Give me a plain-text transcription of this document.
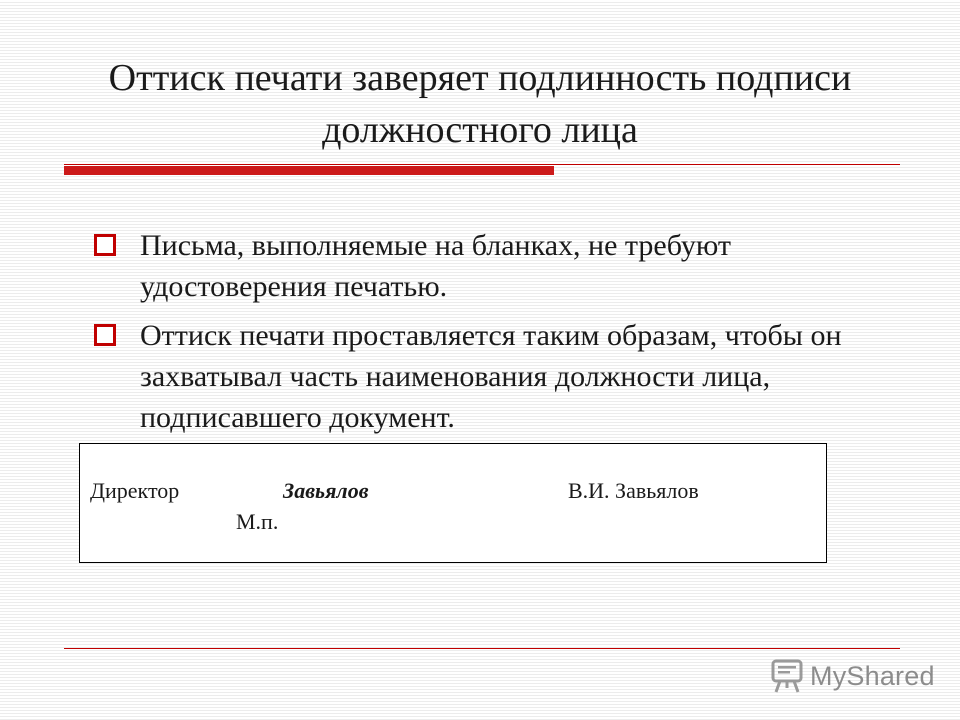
Оттиск печати заверяет подлинность подписи должностного лица
Письма, выполняемые на бланках, не требуют удостоверения печатью.
Оттиск печати проставляется таким образам, чтобы он захватывал часть наименования должности лица, подписавшего документ.
Директор	Завьялов	В.И. Завьялов
М.п.
MyShared
